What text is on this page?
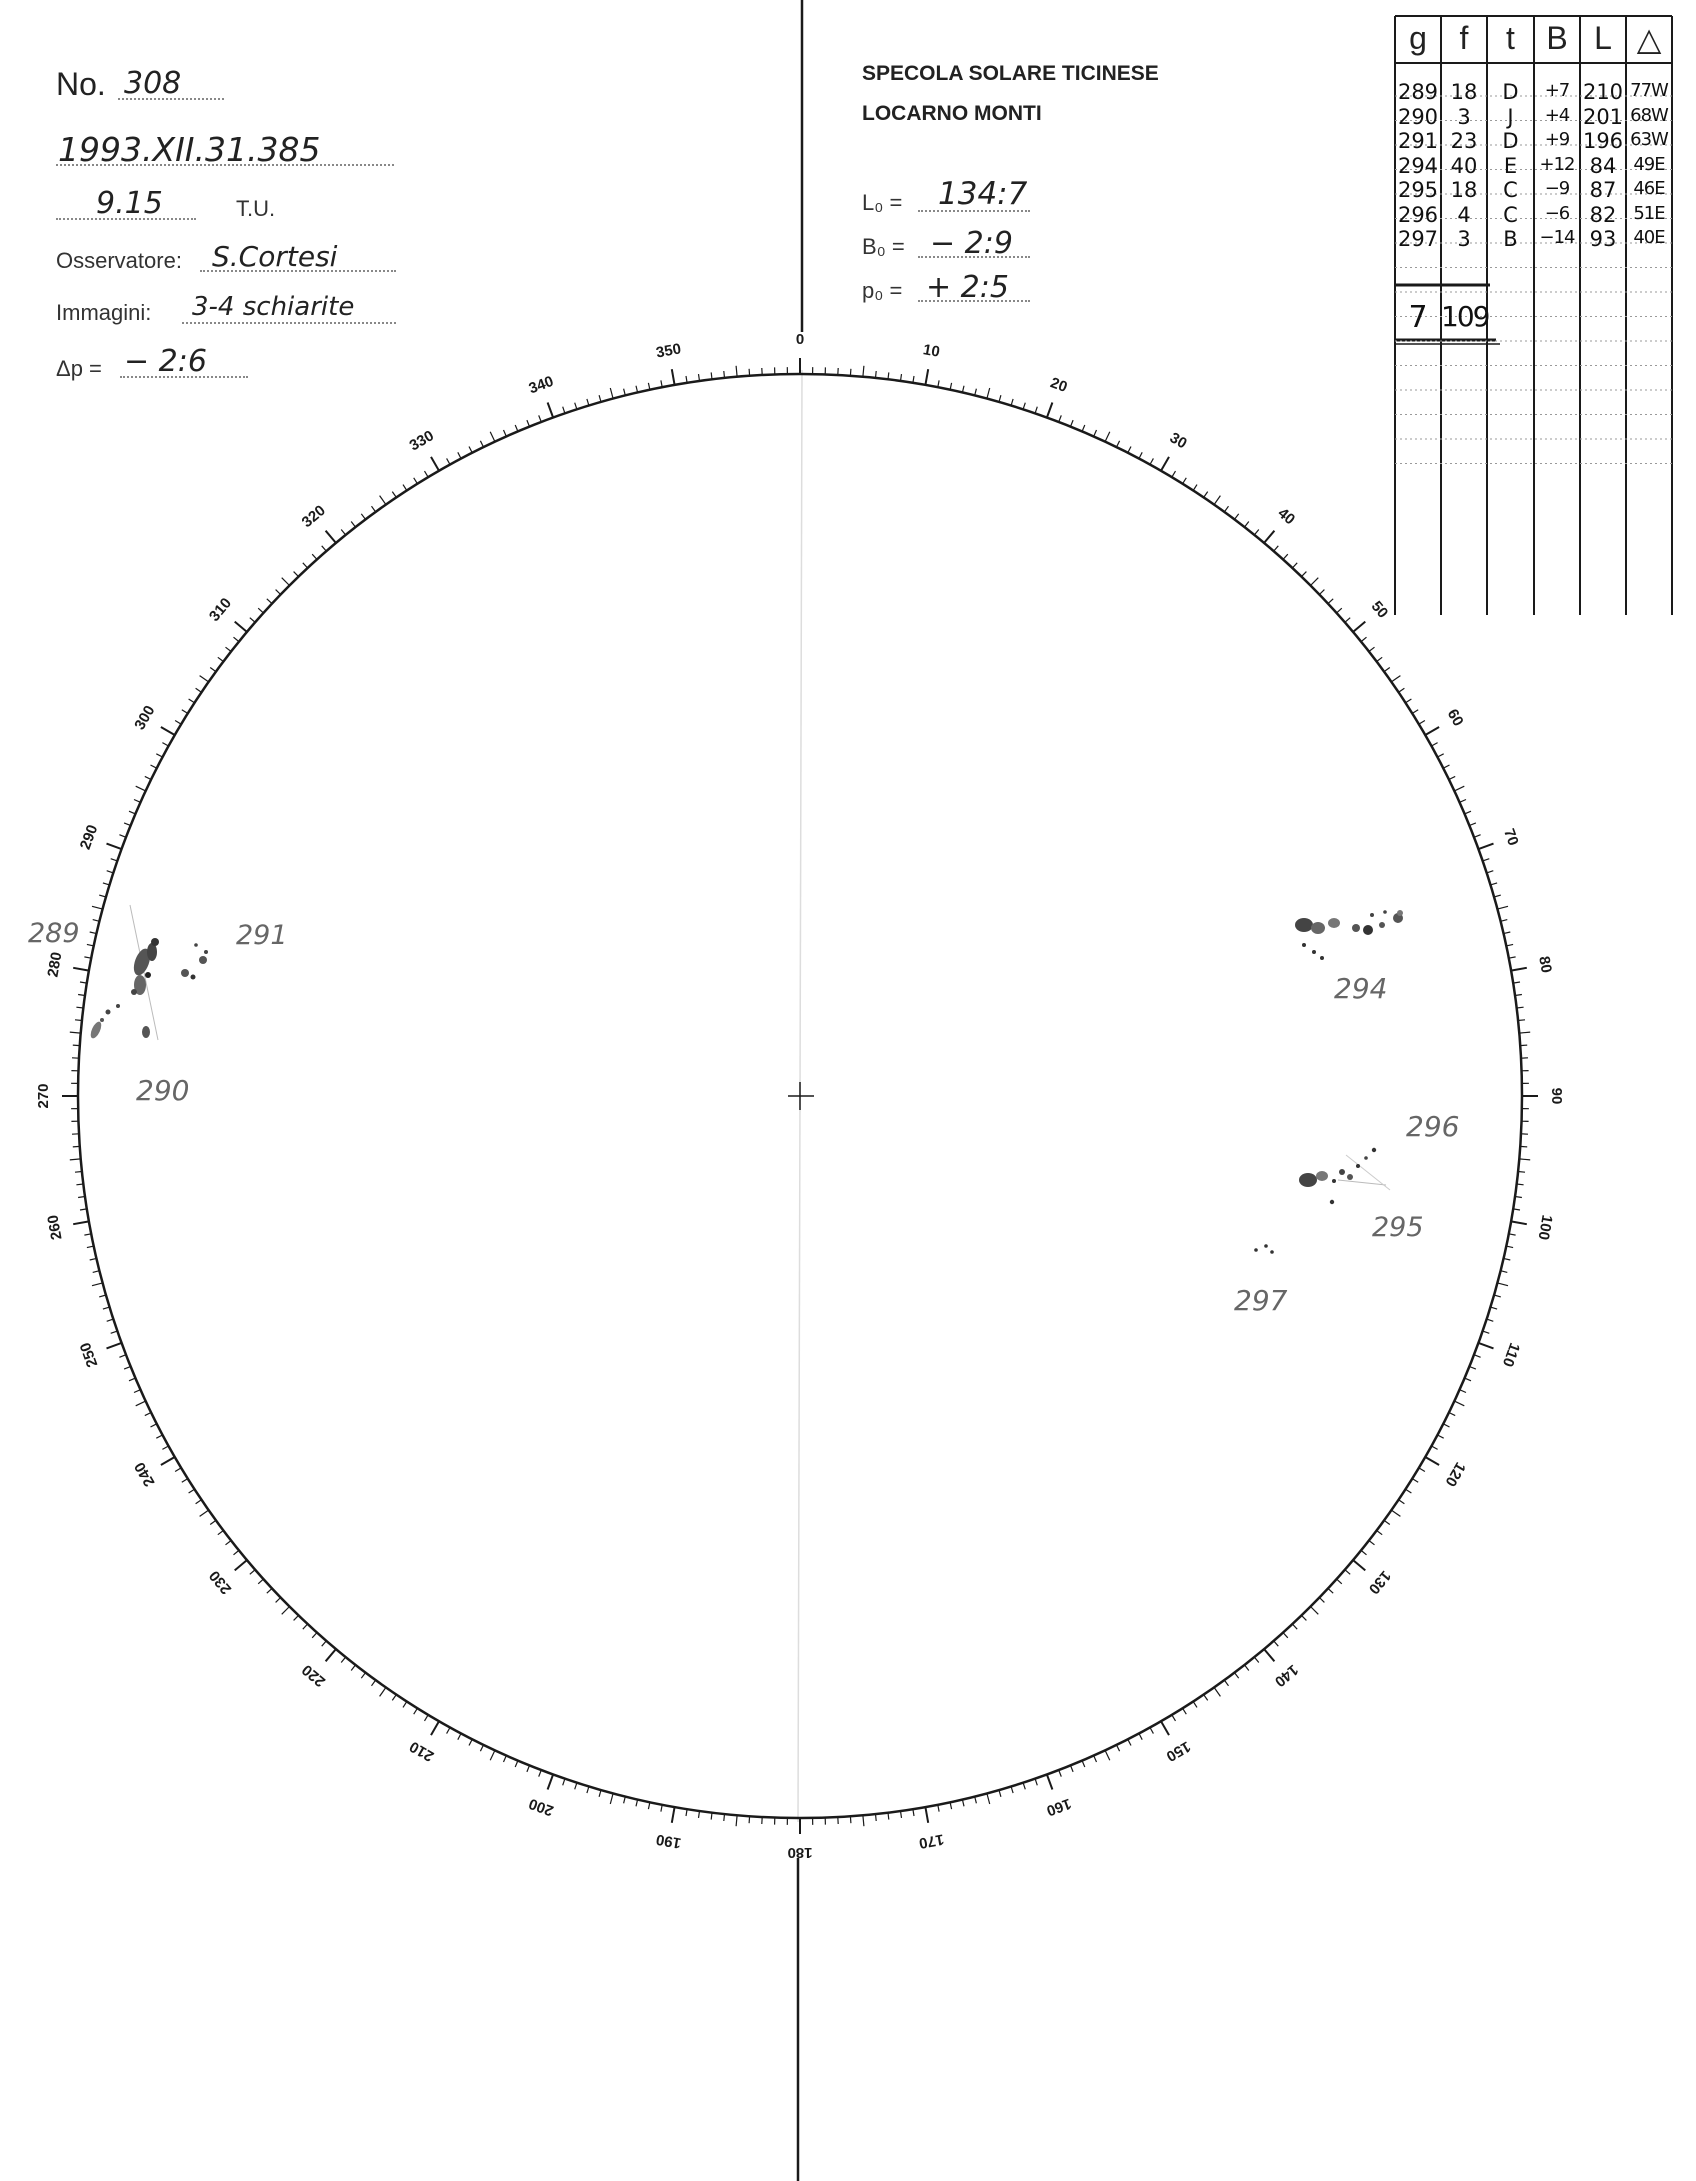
No. 308
1993.XII.31.385
9.15	T.U.
Osservatore: S.Cortesi
Immagini: 3-4 schiarite
Δp = − 2:6
SPECOLA SOLARE TICINESE
LOCARNO MONTI
L₀ = 134:7
B₀ = − 2:9
p₀ = + 2:5
0
10
20
30
40
50
60
70
80
90
100
110
120
130
140
150
160
170
180
190
200
210
220
230
240
250
260
270
280
290
300
310
320
330
340
350
289
290
291
294
296
295
297
g	f	t B L △
289 18	D	+7 210 77W
290 3	J	+4 201 68W
291 23	D	+9 196 63W
294 40	E	+12 84 49E
295 18	C	−9 87 46E
296 4	C	−6 82 51E
297 3	B	−14 93 40E
7 109
